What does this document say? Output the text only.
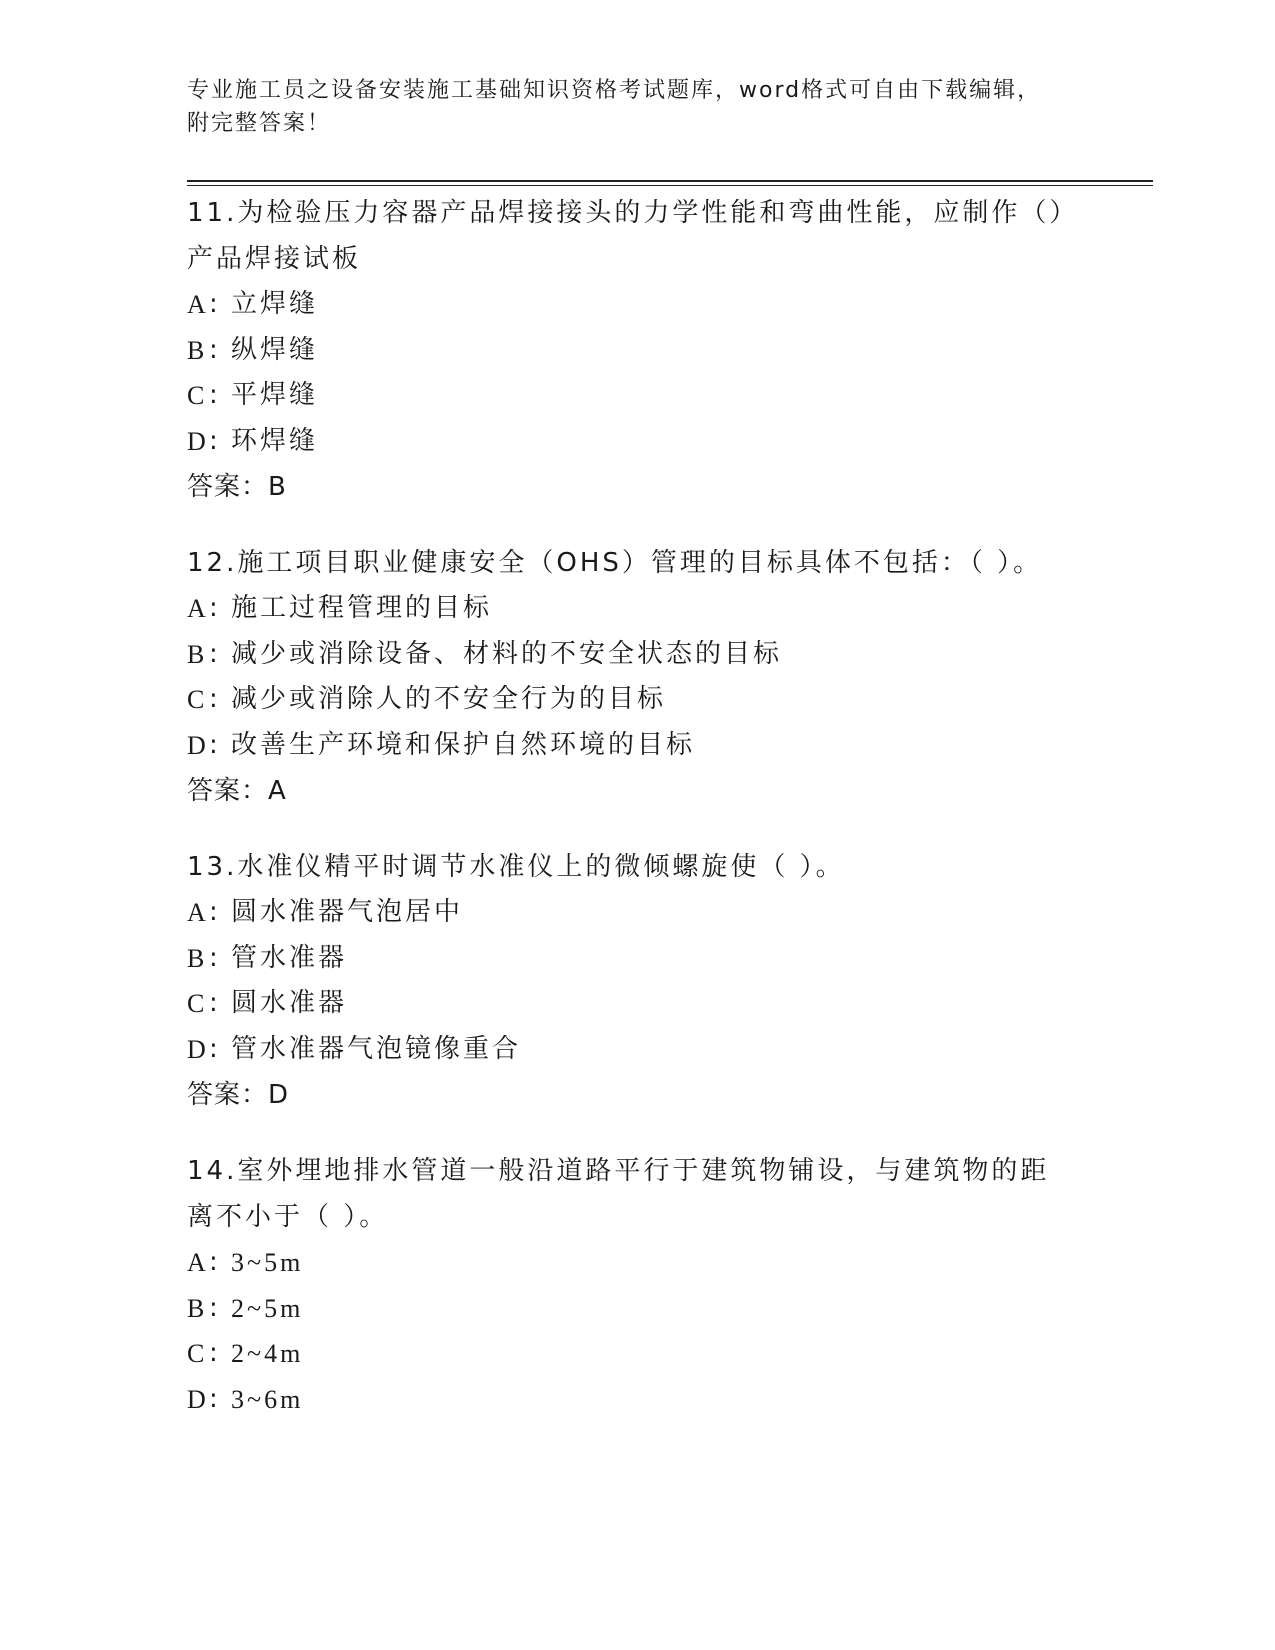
专业施工员之设备安装施工基础知识资格考试题库，word格式可自由下载编辑，
附完整答案！
11.为检验压力容器产品焊接接头的力学性能和弯曲性能，应制作（）产品焊接试板
A : 立焊缝
B : 纵焊缝
C : 平焊缝
D : 环焊缝
答案：B
12.施工项目职业健康安全（OHS）管理的目标具体不包括：（ ）。
A : 施工过程管理的目标
B : 减少或消除设备、材料的不安全状态的目标
C : 减少或消除人的不安全行为的目标
D : 改善生产环境和保护自然环境的目标
答案：A
13.水准仪精平时调节水准仪上的微倾螺旋使（ ）。
A : 圆水准器气泡居中
B : 管水准器
C : 圆水准器
D : 管水准器气泡镜像重合
答案：D
14.室外埋地排水管道一般沿道路平行于建筑物铺设，与建筑物的距离不小于（ ）。
A : 3~5m
B : 2~5m
C : 2~4m
D : 3~6m
